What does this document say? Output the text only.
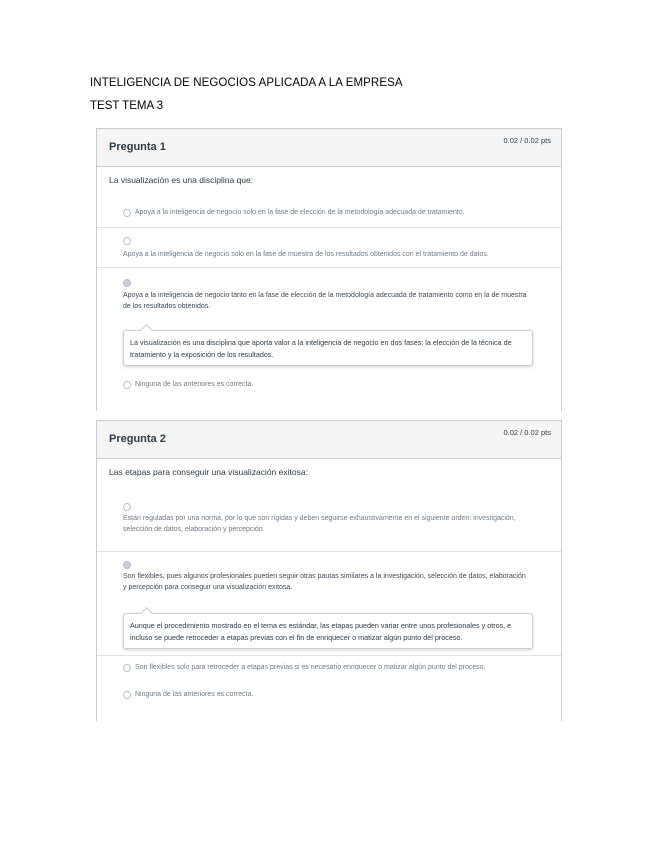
INTELIGENCIA DE NEGOCIOS APLICADA A LA EMPRESA
TEST TEMA 3
Pregunta 1
0.02 / 0.02 pts
La visualización es una disciplina que:
Apoya a la inteligencia de negocio solo en la fase de elección de la metodología adecuada de tratamiento.
Apoya a la inteligencia de negocio solo en la fase de muestra de los resultados obtenidos con el tratamiento de datos.
Apoya a la inteligencia de negocio tanto en la fase de elección de la metodología adecuada de tratamiento como en la de muestra de los resultados obtenidos.
La visualización es una disciplina que aporta valor a la inteligencia de negocio en dos fases: la elección de la técnica de tratamiento y la exposición de los resultados.
Ninguna de las anteriores es correcta.
Pregunta 2
0.02 / 0.02 pts
Las etapas para conseguir una visualización exitosa:
Están reguladas por una norma, por lo que son rígidas y deben seguirse exhaustivamente en el siguiente orden: investigación, selección de datos, elaboración y percepción.
Son flexibles, pues algunos profesionales pueden seguir otras pautas similares a la investigación, selección de datos, elaboración y percepción para conseguir una visualización exitosa.
Aunque el procedimiento mostrado en el tema es estándar, las etapas pueden variar entre unos profesionales y otros, e incluso se puede retroceder a etapas previas con el fin de enriquecer o matizar algún punto del proceso.
Son flexibles solo para retroceder a etapas previas si es necesario enriquecer o matizar algún punto del proceso.
Ninguna de las anteriores es correcta.
